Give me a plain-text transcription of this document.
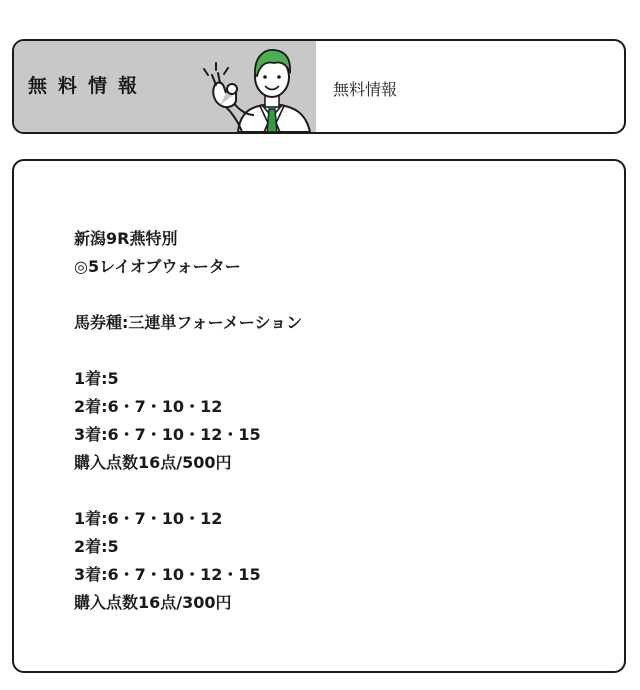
無料情報	無料情報
新潟9R燕特別
◎5レイオブウォーター
馬券種:三連単フォーメーション
1着:5
2着:6・7・10・12
3着:6・7・10・12・15
購入点数16点/500円
1着:6・7・10・12
2着:5
3着:6・7・10・12・15
購入点数16点/300円
